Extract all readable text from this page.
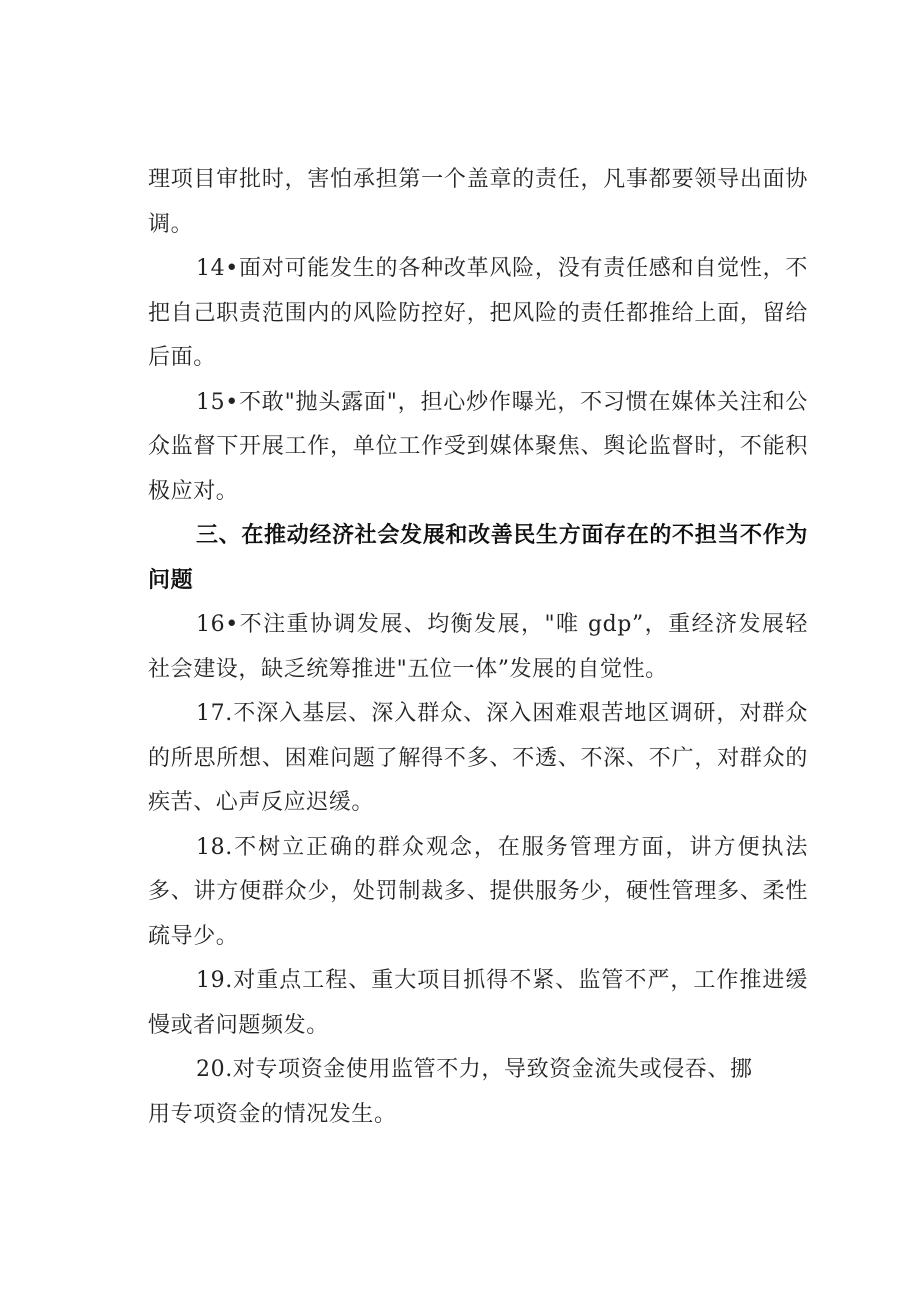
理项目审批时，害怕承担第一个盖章的责任，凡事都要领导出面协调。

14•面对可能发生的各种改革风险，没有责任感和自觉性，不把自己职责范围内的风险防控好，把风险的责任都推给上面，留给后面。

15•不敢"抛头露面"，担心炒作曝光，不习惯在媒体关注和公众监督下开展工作，单位工作受到媒体聚焦、舆论监督时，不能积极应对。

三、在推动经济社会发展和改善民生方面存在的不担当不作为问题

16•不注重协调发展、均衡发展，"唯 gdp”，重经济发展轻社会建设，缺乏统筹推进"五位一体”发展的自觉性。

17.不深入基层、深入群众、深入困难艰苦地区调研，对群众的所思所想、困难问题了解得不多、不透、不深、不广，对群众的疾苦、心声反应迟缓。

18.不树立正确的群众观念，在服务管理方面，讲方便执法多、讲方便群众少，处罚制裁多、提供服务少，硬性管理多、柔性疏导少。

19.对重点工程、重大项目抓得不紧、监管不严，工作推进缓慢或者问题频发。

20.对专项资金使用监管不力，导致资金流失或侵吞、挪用专项资金的情况发生。
